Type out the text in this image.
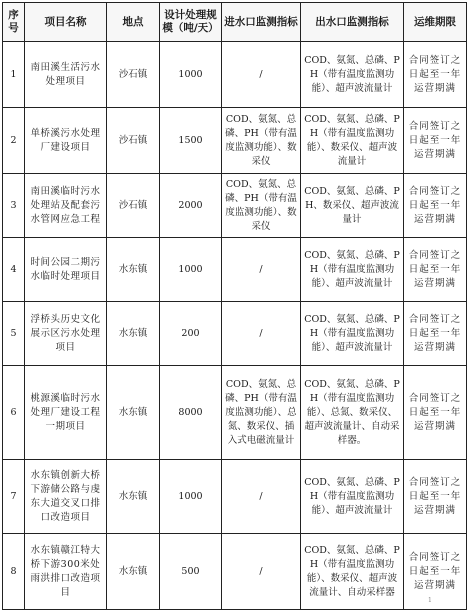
序号	项目名称	地点	设计处理规模（吨/天）	进水口监测指标	出水口监测指标	运维期限
1	南田溪生活污水处理项目	沙石镇	1000	/	COD、氨氮、总磷、PH（带有温度监测功能）、超声波流量计	合同签订之日起至一年运营期满
2	单桥溪污水处理厂建设项目	沙石镇	1500	COD、氨氮、总磷、PH（带有温度监测功能）、数采仪	COD、氨氮、总磷、PH（带有温度监测功能）、数采仪、超声波流量计	合同签订之日起至一年运营期满
3	南田溪临时污水处理站及配套污水管网应急工程	沙石镇	2000	COD、氨氮、总磷、PH（带有温度监测功能）、数采仪	COD、氨氮、总磷、PH、数采仪、超声波流量计	合同签订之日起至一年运营期满
4	时间公园二期污水临时处理项目	水东镇	1000	/	COD、氨氮、总磷、PH（带有温度监测功能）、超声波流量计	合同签订之日起至一年运营期满
5	浮桥头历史文化展示区污水处理项目	水东镇	200	/	COD、氨氮、总磷、PH（带有温度监测功能）、超声波流量计	合同签订之日起至一年运营期满
6	桃源溪临时污水处理厂建设工程一期项目	水东镇	8000	COD、氨氮、总磷、PH（带有温度监测功能）、总氮、数采仪、插入式电磁流量计	COD、氨氮、总磷、PH（带有温度监测功能）、总氮、数采仪、超声波流量计、自动采样器。	合同签订之日起至一年运营期满
7	水东镇创新大桥下游储公路与虔东大道交叉口排口改造项目	水东镇	1000	/	COD、氨氮、总磷、PH（带有温度监测功能）、超声波流量计	合同签订之日起至一年运营期满
8	水东镇赣江特大桥下游300米处雨洪排口改造项目	水东镇	500	/	COD、氨氮、总磷、PH（带有温度监测功能）、数采仪、超声波流量计、自动采样器	合同签订之日起至一年运营期满
1
